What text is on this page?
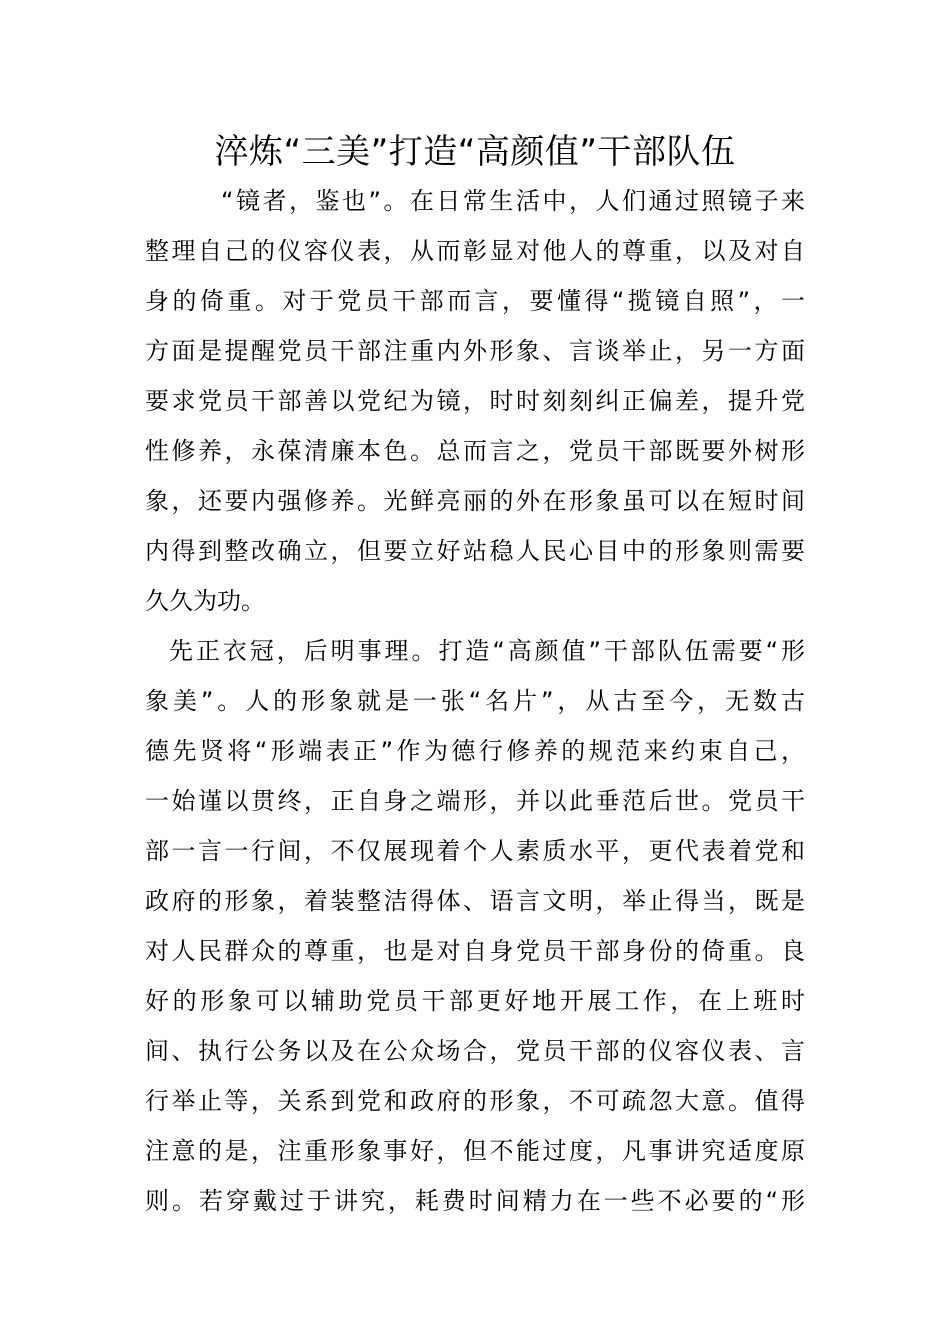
淬炼“三美”打造“高颜值”干部队伍
“镜者，鉴也”。在日常生活中，人们通过照镜子来
整理自己的仪容仪表，从而彰显对他人的尊重，以及对自
身的倚重。对于党员干部而言，要懂得“揽镜自照”，一
方面是提醒党员干部注重内外形象、言谈举止，另一方面
要求党员干部善以党纪为镜，时时刻刻纠正偏差，提升党
性修养，永葆清廉本色。总而言之，党员干部既要外树形
象，还要内强修养。光鲜亮丽的外在形象虽可以在短时间
内得到整改确立，但要立好站稳人民心目中的形象则需要
久久为功。
先正衣冠，后明事理。打造“高颜值”干部队伍需要“形
象美”。人的形象就是一张“名片”，从古至今，无数古
德先贤将“形端表正”作为德行修养的规范来约束自己，
一始谨以贯终，正自身之端形，并以此垂范后世。党员干
部一言一行间，不仅展现着个人素质水平，更代表着党和
政府的形象，着装整洁得体、语言文明，举止得当，既是
对人民群众的尊重，也是对自身党员干部身份的倚重。良
好的形象可以辅助党员干部更好地开展工作，在上班时
间、执行公务以及在公众场合，党员干部的仪容仪表、言
行举止等，关系到党和政府的形象，不可疏忽大意。值得
注意的是，注重形象事好，但不能过度，凡事讲究适度原
则。若穿戴过于讲究，耗费时间精力在一些不必要的“形
